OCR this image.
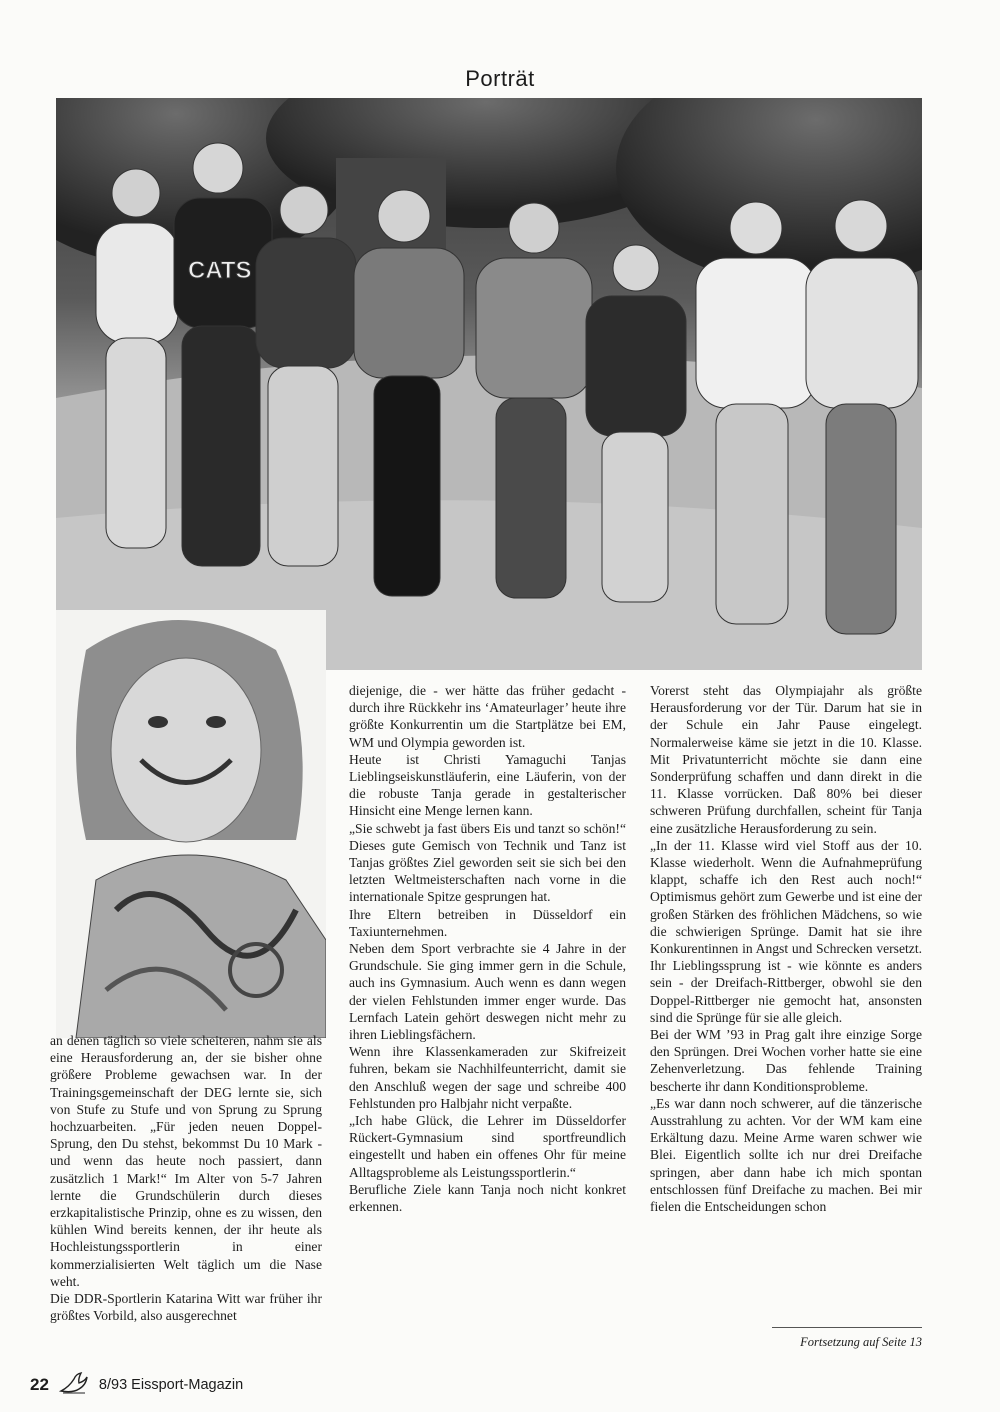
Porträt
CATS

an denen täglich so viele scheiteren, nahm sie als eine Herausforderung an, der sie bisher ohne größere Probleme gewachsen war. In der Trainingsgemeinschaft der DEG lernte sie, sich von Stufe zu Stufe und von Sprung zu Sprung hochzuarbeiten. „Für jeden neuen Doppel-Sprung, den Du stehst, bekommst Du 10 Mark - und wenn das heute noch passiert, dann zusätzlich 1 Mark!“ Im Alter von 5-7 Jahren lernte die Grundschülerin durch dieses erzkapitalistische Prinzip, ohne es zu wissen, den kühlen Wind bereits kennen, der ihr heute als Hochleistungssportlerin in einer kommerzialisierten Welt täglich um die Nase weht.

Die DDR-Sportlerin Katarina Witt war früher ihr größtes Vorbild, also ausgerechnet

diejenige, die - wer hätte das früher gedacht - durch ihre Rückkehr ins ‘Amateurlager’ heute ihre größte Konkurrentin um die Startplätze bei EM, WM und Olympia geworden ist.

Heute ist Christi Yamaguchi Tanjas Lieblingseiskunstläuferin, eine Läuferin, von der die robuste Tanja gerade in gestalterischer Hinsicht eine Menge lernen kann.

„Sie schwebt ja fast übers Eis und tanzt so schön!“ Dieses gute Gemisch von Technik und Tanz ist Tanjas größtes Ziel geworden seit sie sich bei den letzten Weltmeisterschaften nach vorne in die internationale Spitze gesprungen hat.

Ihre Eltern betreiben in Düsseldorf ein Taxiunternehmen.

Neben dem Sport verbrachte sie 4 Jahre in der Grundschule. Sie ging immer gern in die Schule, auch ins Gymnasium. Auch wenn es dann wegen der vielen Fehlstunden immer enger wurde. Das Lernfach Latein gehört deswegen nicht mehr zu ihren Lieblingsfächern.

Wenn ihre Klassenkameraden zur Skifreizeit fuhren, bekam sie Nachhilfeunterricht, damit sie den Anschluß wegen der sage und schreibe 400 Fehlstunden pro Halbjahr nicht verpaßte.

„Ich habe Glück, die Lehrer im Düsseldorfer Rückert-Gymnasium sind sportfreundlich eingestellt und haben ein offenes Ohr für meine Alltagsprobleme als Leistungssportlerin.“

Berufliche Ziele kann Tanja noch nicht konkret erkennen.

Vorerst steht das Olympiajahr als größte Herausforderung vor der Tür. Darum hat sie in der Schule ein Jahr Pause eingelegt. Normalerweise käme sie jetzt in die 10. Klasse. Mit Privatunterricht möchte sie dann eine Sonderprüfung schaffen und dann direkt in die 11. Klasse vorrücken. Daß 80% bei dieser schweren Prüfung durchfallen, scheint für Tanja eine zusätzliche Herausforderung zu sein.

„In der 11. Klasse wird viel Stoff aus der 10. Klasse wiederholt. Wenn die Aufnahmeprüfung klappt, schaffe ich den Rest auch noch!“ Optimismus gehört zum Gewerbe und ist eine der großen Stärken des fröhlichen Mädchens, so wie die schwierigen Sprünge. Damit hat sie ihre Konkurentinnen in Angst und Schrecken versetzt. Ihr Lieblingssprung ist - wie könnte es anders sein - der Dreifach-Rittberger, obwohl sie den Doppel-Rittberger nie gemocht hat, ansonsten sind die Sprünge für sie alle gleich.

Bei der WM ’93 in Prag galt ihre einzige Sorge den Sprüngen. Drei Wochen vorher hatte sie eine Zehenverletzung. Das fehlende Training bescherte ihr dann Konditionsprobleme.

„Es war dann noch schwerer, auf die tänzerische Ausstrahlung zu achten. Vor der WM kam eine Erkältung dazu. Meine Arme waren schwer wie Blei. Eigentlich sollte ich nur drei Dreifache springen, aber dann habe ich mich spontan entschlossen fünf Dreifache zu machen. Bei mir fielen die Entscheidungen schon

Fortsetzung auf Seite 13
22	8/93 Eissport-Magazin
